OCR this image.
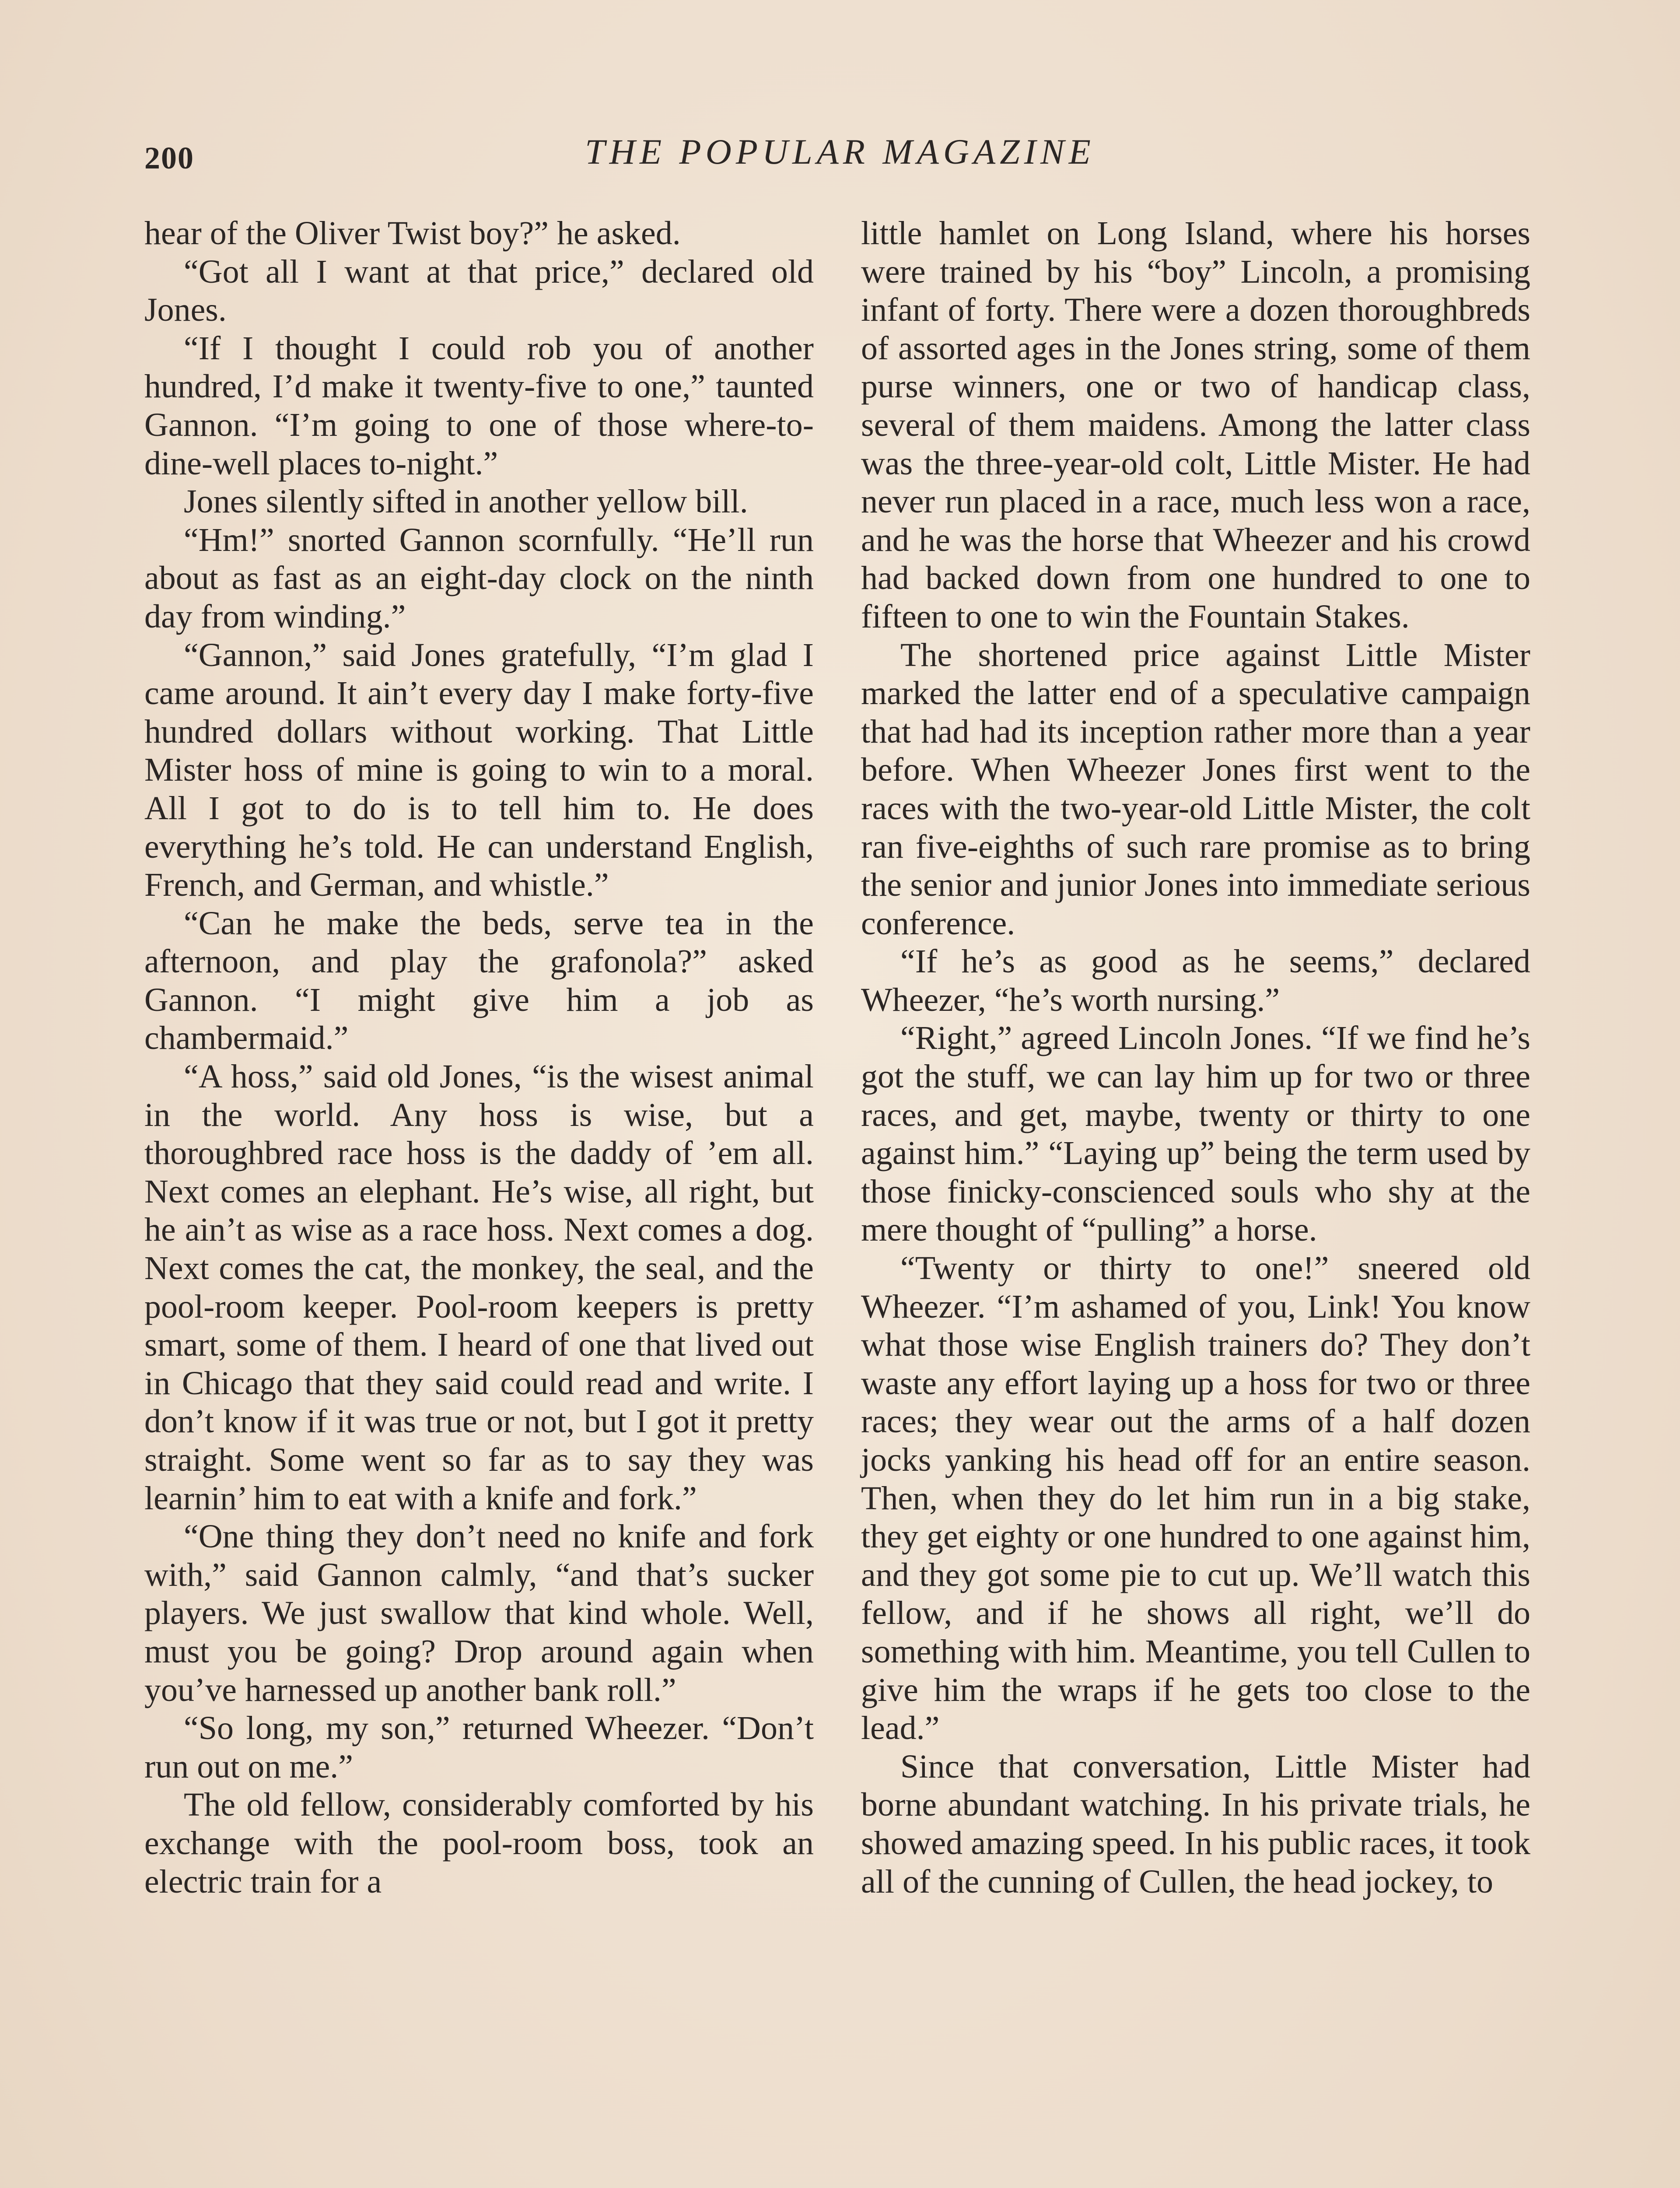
200	THE POPULAR MAGAZINE

hear of the Oliver Twist boy?” he asked.

“Got all I want at that price,” declared old Jones.

“If I thought I could rob you of another hundred, I’d make it twenty-five to one,” taunted Gannon. “I’m going to one of those where-to-dine-well places to-night.”

Jones silently sifted in another yellow bill.

“Hm!” snorted Gannon scornfully. “He’ll run about as fast as an eight-day clock on the ninth day from winding.”

“Gannon,” said Jones gratefully, “I’m glad I came around. It ain’t every day I make forty-five hundred dollars without working. That Little Mister hoss of mine is going to win to a moral. All I got to do is to tell him to. He does everything he’s told. He can understand English, French, and German, and whistle.”

“Can he make the beds, serve tea in the afternoon, and play the grafonola?” asked Gannon. “I might give him a job as chambermaid.”

“A hoss,” said old Jones, “is the wisest animal in the world. Any hoss is wise, but a thoroughbred race hoss is the daddy of ’em all. Next comes an elephant. He’s wise, all right, but he ain’t as wise as a race hoss. Next comes a dog. Next comes the cat, the monkey, the seal, and the pool-room keeper. Pool-room keepers is pretty smart, some of them. I heard of one that lived out in Chicago that they said could read and write. I don’t know if it was true or not, but I got it pretty straight. Some went so far as to say they was learnin’ him to eat with a knife and fork.”

“One thing they don’t need no knife and fork with,” said Gannon calmly, “and that’s sucker players. We just swallow that kind whole. Well, must you be going? Drop around again when you’ve harnessed up another bank roll.”

“So long, my son,” returned Wheezer. “Don’t run out on me.”

The old fellow, considerably comforted by his exchange with the pool-room boss, took an electric train for a

little hamlet on Long Island, where his horses were trained by his “boy” Lincoln, a promising infant of forty. There were a dozen thoroughbreds of assorted ages in the Jones string, some of them purse winners, one or two of handicap class, several of them maidens. Among the latter class was the three-year-old colt, Little Mister. He had never run placed in a race, much less won a race, and he was the horse that Wheezer and his crowd had backed down from one hundred to one to fifteen to one to win the Fountain Stakes.

The shortened price against Little Mister marked the latter end of a speculative campaign that had had its inception rather more than a year before. When Wheezer Jones first went to the races with the two-year-old Little Mister, the colt ran five-eighths of such rare promise as to bring the senior and junior Jones into immediate serious conference.

“If he’s as good as he seems,” declared Wheezer, “he’s worth nursing.”

“Right,” agreed Lincoln Jones. “If we find he’s got the stuff, we can lay him up for two or three races, and get, maybe, twenty or thirty to one against him.” “Laying up” being the term used by those finicky-conscienced souls who shy at the mere thought of “pulling” a horse.

“Twenty or thirty to one!” sneered old Wheezer. “I’m ashamed of you, Link! You know what those wise English trainers do? They don’t waste any effort laying up a hoss for two or three races; they wear out the arms of a half dozen jocks yanking his head off for an entire season. Then, when they do let him run in a big stake, they get eighty or one hundred to one against him, and they got some pie to cut up. We’ll watch this fellow, and if he shows all right, we’ll do something with him. Meantime, you tell Cullen to give him the wraps if he gets too close to the lead.”

Since that conversation, Little Mister had borne abundant watching. In his private trials, he showed amazing speed. In his public races, it took all of the cunning of Cullen, the head jockey, to
